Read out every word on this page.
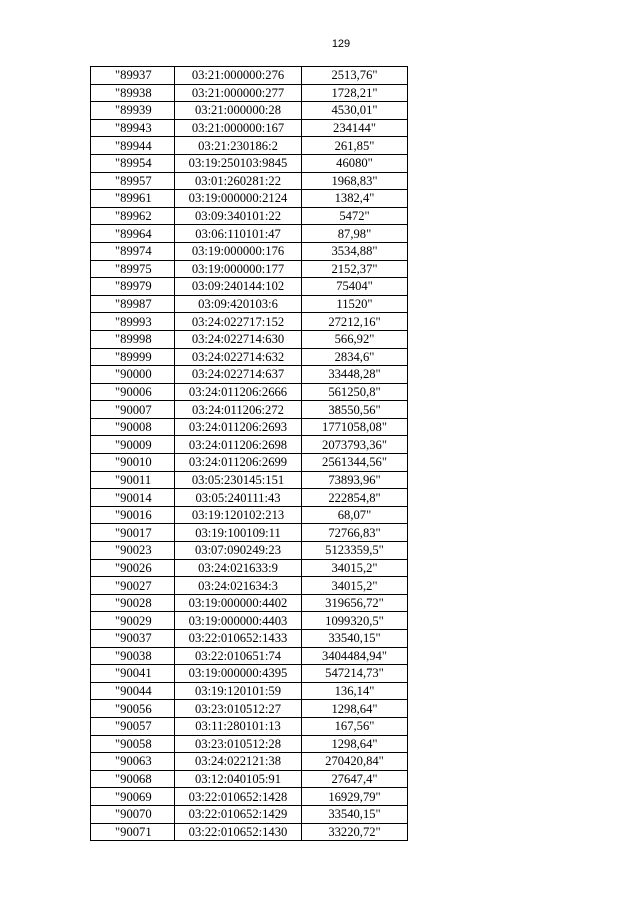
129
"89937	03:21:000000:276	2513,76"
"89938	03:21:000000:277	1728,21"
"89939	03:21:000000:28	4530,01"
"89943	03:21:000000:167	234144"
"89944	03:21:230186:2	261,85"
"89954	03:19:250103:9845	46080"
"89957	03:01:260281:22	1968,83"
"89961	03:19:000000:2124	1382,4"
"89962	03:09:340101:22	5472"
"89964	03:06:110101:47	87,98"
"89974	03:19:000000:176	3534,88"
"89975	03:19:000000:177	2152,37"
"89979	03:09:240144:102	75404"
"89987	03:09:420103:6	11520"
"89993	03:24:022717:152	27212,16"
"89998	03:24:022714:630	566,92"
"89999	03:24:022714:632	2834,6"
"90000	03:24:022714:637	33448,28"
"90006	03:24:011206:2666	561250,8"
"90007	03:24:011206:272	38550,56"
"90008	03:24:011206:2693	1771058,08"
"90009	03:24:011206:2698	2073793,36"
"90010	03:24:011206:2699	2561344,56"
"90011	03:05:230145:151	73893,96"
"90014	03:05:240111:43	222854,8"
"90016	03:19:120102:213	68,07"
"90017	03:19:100109:11	72766,83"
"90023	03:07:090249:23	5123359,5"
"90026	03:24:021633:9	34015,2"
"90027	03:24:021634:3	34015,2"
"90028	03:19:000000:4402	319656,72"
"90029	03:19:000000:4403	1099320,5"
"90037	03:22:010652:1433	33540,15"
"90038	03:22:010651:74	3404484,94"
"90041	03:19:000000:4395	547214,73"
"90044	03:19:120101:59	136,14"
"90056	03:23:010512:27	1298,64"
"90057	03:11:280101:13	167,56"
"90058	03:23:010512:28	1298,64"
"90063	03:24:022121:38	270420,84"
"90068	03:12:040105:91	27647,4"
"90069	03:22:010652:1428	16929,79"
"90070	03:22:010652:1429	33540,15"
"90071	03:22:010652:1430	33220,72"
